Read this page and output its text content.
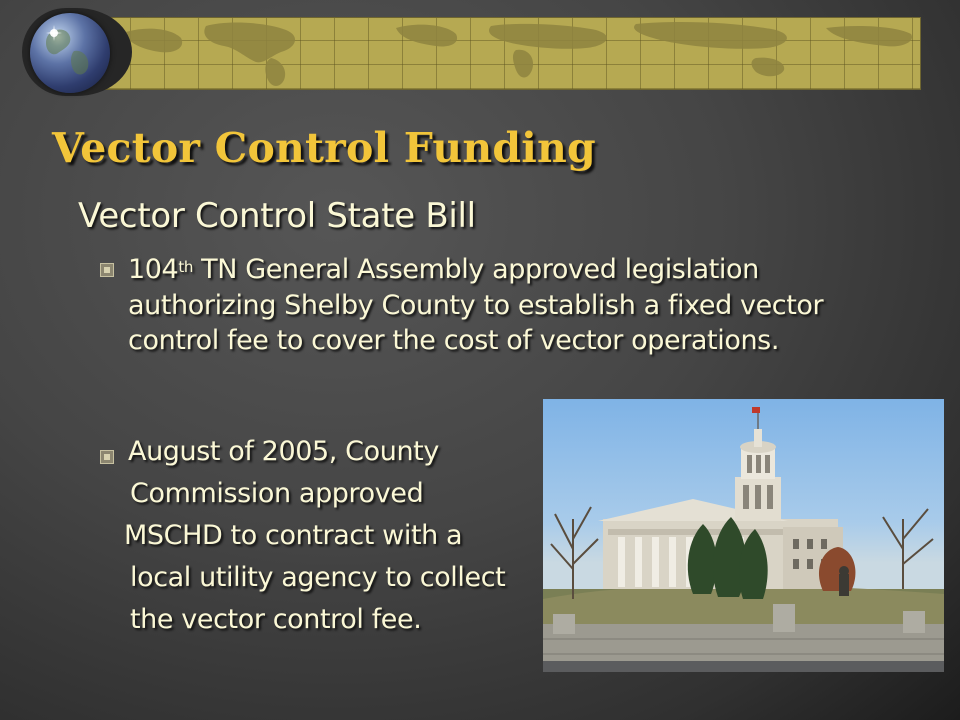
Vector Control Funding
Vector Control State Bill
104th TN General Assembly approved legislation authorizing Shelby County to establish a fixed vector control fee to cover the cost of vector operations.
August of 2005, County
Commission approved
MSCHD to contract with a
local utility agency to collect
the vector control fee.
